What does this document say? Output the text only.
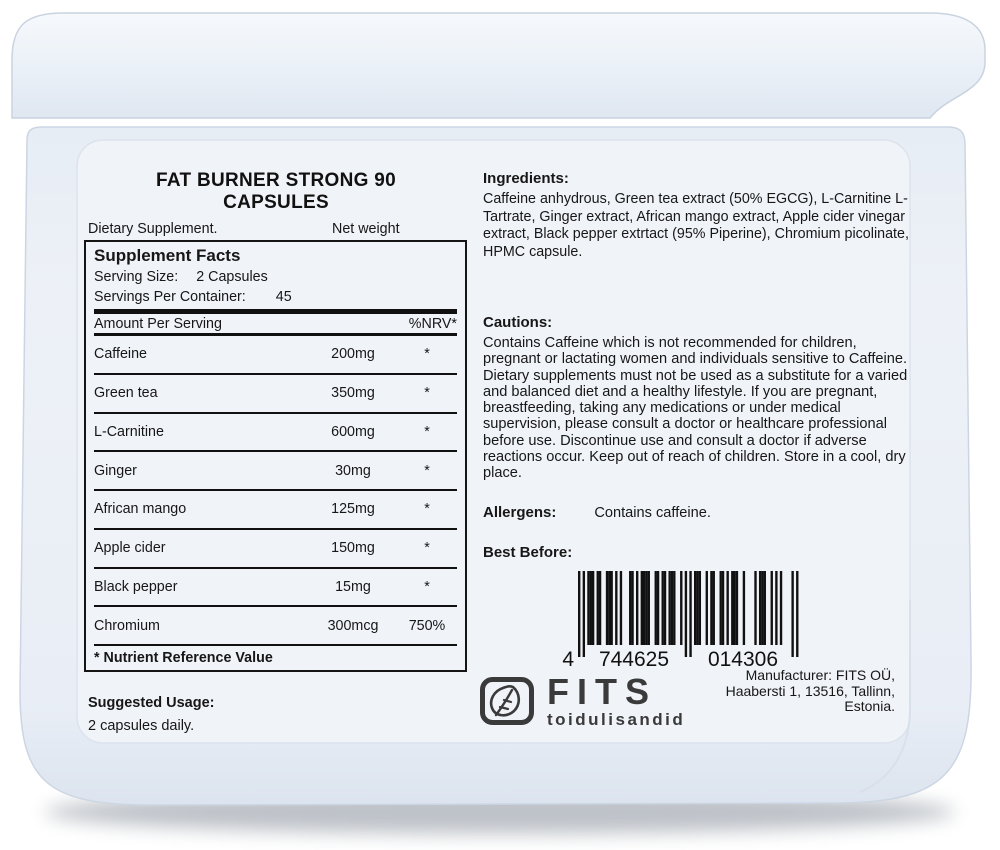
FAT BURNER STRONG 90
CAPSULES
Dietary Supplement.	Net weight
Supplement Facts
Serving Size: 2 Capsules
Servings Per Container: 45
Amount Per Serving	%NRV*
Caffeine	200mg	*
Green tea	350mg	*
L-Carnitine	600mg	*
Ginger	30mg	*
African mango	125mg	*
Apple cider	150mg	*
Black pepper	15mg	*
Chromium	300mcg	750%
* Nutrient Reference Value
Suggested Usage:
2 capsules daily.
Ingredients:
Caffeine anhydrous, Green tea extract (50% EGCG), L-Carnitine L-Tartrate, Ginger extract, African mango extract, Apple cider vinegar extract, Black pepper extrtact (95% Piperine), Chromium picolinate, HPMC capsule.
Cautions:
Contains Caffeine which is not recommended for children, pregnant or lactating women and individuals sensitive to Caffeine. Dietary supplements must not be used as a substitute for a varied and balanced diet and a healthy lifestyle. If you are pregnant, breastfeeding, taking any medications or under medical supervision, please consult a doctor or healthcare professional before use. Discontinue use and consult a doctor if adverse reactions occur. Keep out of reach of children. Store in a cool, dry place.
Allergens:	Contains caffeine.
Best Before:
4 744625 014306
FITS
toidulisandid
Manufacturer: FITS OÜ,
Haabersti 1, 13516, Tallinn,
Estonia.
